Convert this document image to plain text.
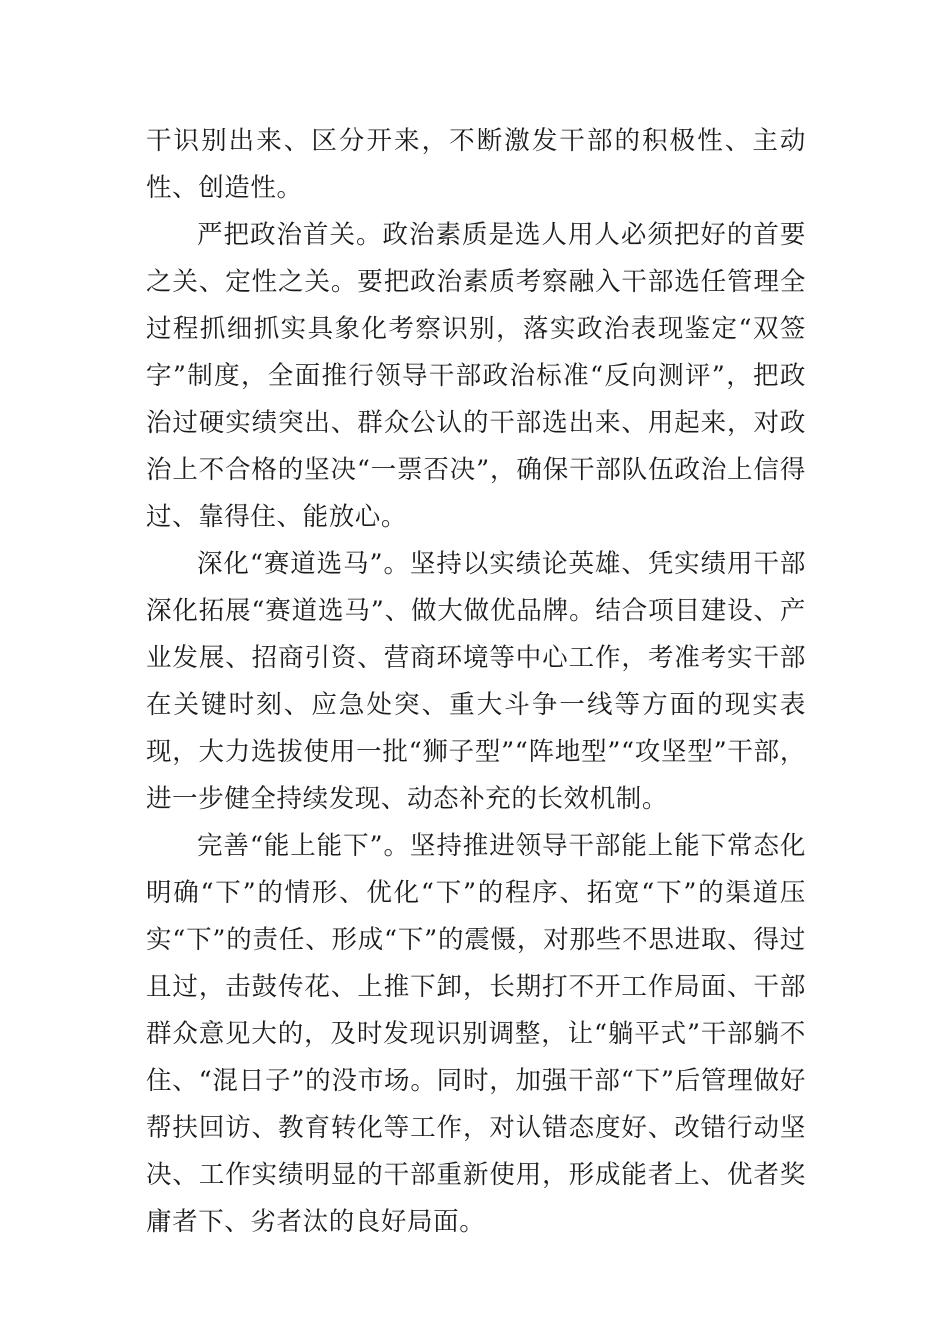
干识别出来、区分开来，不断激发干部的积极性、主动性、创造性。

严把政治首关。政治素质是选人用人必须把好的首要之关、定性之关。要把政治素质考察融入干部选任管理全过程抓细抓实具象化考察识别，落实政治表现鉴定“双签字”制度，全面推行领导干部政治标准“反向测评”，把政治过硬实绩突出、群众公认的干部选出来、用起来，对政治上不合格的坚决“一票否决”，确保干部队伍政治上信得过、靠得住、能放心。

深化“赛道选马”。坚持以实绩论英雄、凭实绩用干部深化拓展“赛道选马”、做大做优品牌。结合项目建设、产业发展、招商引资、营商环境等中心工作，考准考实干部在关键时刻、应急处突、重大斗争一线等方面的现实表现，大力选拔使用一批“狮子型”“阵地型”“攻坚型”干部，进一步健全持续发现、动态补充的长效机制。

完善“能上能下”。坚持推进领导干部能上能下常态化明确“下”的情形、优化“下”的程序、拓宽“下”的渠道压实“下”的责任、形成“下”的震慑，对那些不思进取、得过且过，击鼓传花、上推下卸，长期打不开工作局面、干部群众意见大的，及时发现识别调整，让“躺平式”干部躺不住、“混日子”的没市场。同时，加强干部“下”后管理做好帮扶回访、教育转化等工作，对认错态度好、改错行动坚决、工作实绩明显的干部重新使用，形成能者上、优者奖庸者下、劣者汰的良好局面。
